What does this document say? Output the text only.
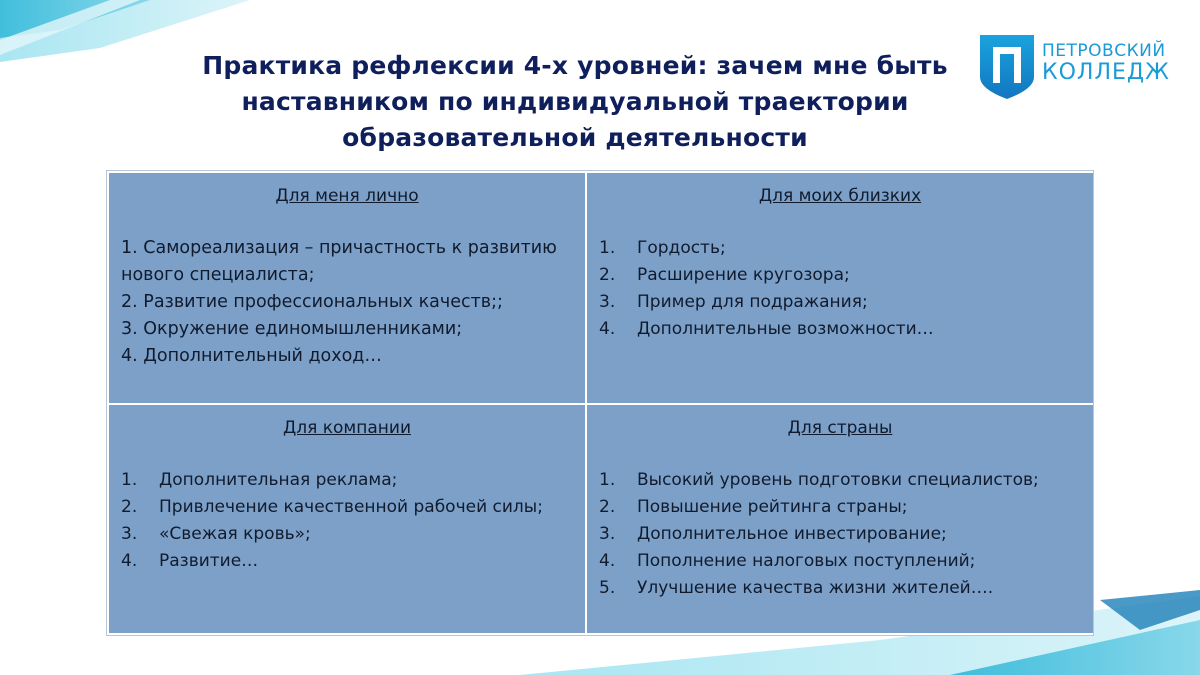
Практика рефлексии 4-х уровней: зачем мне быть
наставником по индивидуальной траектории
образовательной деятельности
ПЕТРОВСКИЙ
КОЛЛЕДЖ
Для меня лично
1. Самореализация – причастность к развитию нового специалиста;
2. Развитие профессиональных качеств;;
3. Окружение единомышленниками;
4. Дополнительный доход…
Для моих близких
1.	Гордость;
2.	Расширение кругозора;
3.	Пример для подражания;
4.	Дополнительные возможности…
Для компании
1.	Дополнительная реклама;
2.	Привлечение качественной рабочей силы;
3.	«Свежая кровь»;
4.	Развитие…
Для страны
1.	Высокий уровень подготовки специалистов;
2.	Повышение рейтинга страны;
3.	Дополнительное инвестирование;
4.	Пополнение налоговых поступлений;
5.	Улучшение качества жизни жителей….
